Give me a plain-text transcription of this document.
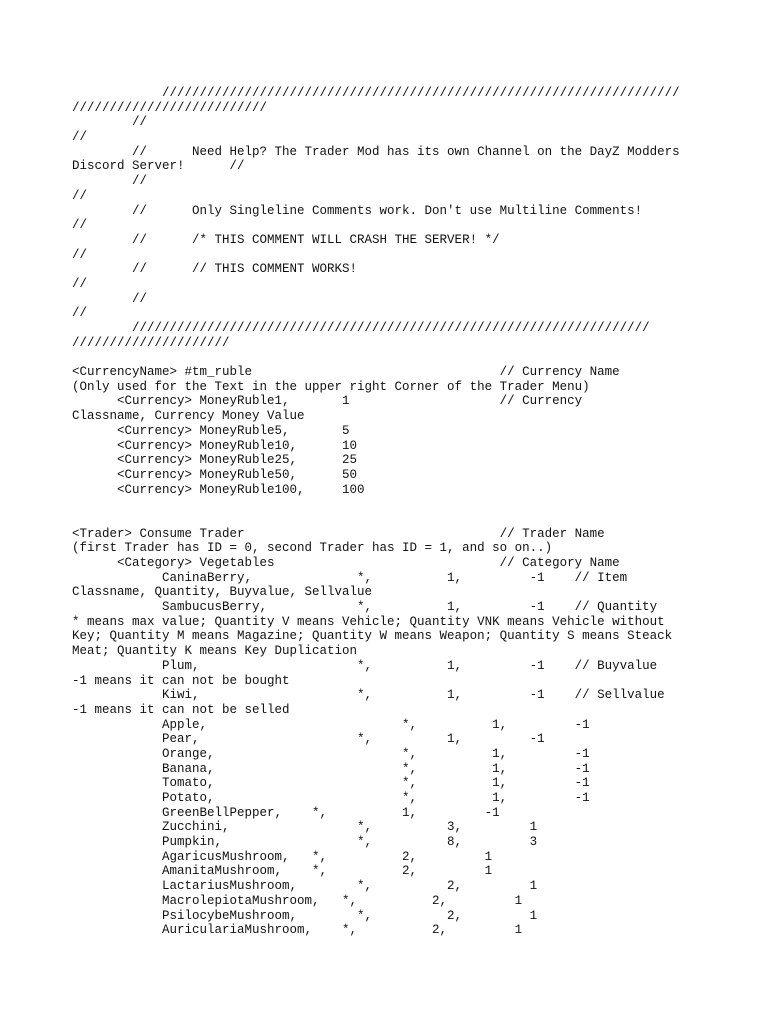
/////////////////////////////////////////////////////////////////////
//////////////////////////
//
//
//      Need Help? The Trader Mod has its own Channel on the DayZ Modders
Discord Server!      //
//
//
//      Only Singleline Comments work. Don't use Multiline Comments!
//
//      /* THIS COMMENT WILL CRASH THE SERVER! */
//
//      // THIS COMMENT WORKS!
//
//
//
/////////////////////////////////////////////////////////////////////
/////////////////////
<CurrencyName> #tm_ruble                                 // Currency Name
(Only used for the Text in the upper right Corner of the Trader Menu)
<Currency> MoneyRuble1,       1                    // Currency
Classname, Currency Money Value
<Currency> MoneyRuble5,       5
<Currency> MoneyRuble10,      10
<Currency> MoneyRuble25,      25
<Currency> MoneyRuble50,      50
<Currency> MoneyRuble100,     100
<Trader> Consume Trader                                  // Trader Name
(first Trader has ID = 0, second Trader has ID = 1, and so on..)
<Category> Vegetables                              // Category Name
CaninaBerry,              *,          1,         -1    // Item
Classname, Quantity, Buyvalue, Sellvalue
SambucusBerry,            *,          1,         -1    // Quantity
* means max value; Quantity V means Vehicle; Quantity VNK means Vehicle without
Key; Quantity M means Magazine; Quantity W means Weapon; Quantity S means Steack
Meat; Quantity K means Key Duplication
Plum,                     *,          1,         -1    // Buyvalue
-1 means it can not be bought
Kiwi,                     *,          1,         -1    // Sellvalue
-1 means it can not be selled
Apple,                          *,          1,         -1
Pear,                     *,          1,         -1
Orange,                         *,          1,         -1
Banana,                         *,          1,         -1
Tomato,                         *,          1,         -1
Potato,                         *,          1,         -1
GreenBellPepper,    *,          1,         -1
Zucchini,                 *,          3,         1
Pumpkin,                  *,          8,         3
AgaricusMushroom,   *,          2,         1
AmanitaMushroom,    *,          2,         1
LactariusMushroom,        *,          2,         1
MacrolepiotaMushroom,   *,          2,         1
PsilocybeMushroom,        *,          2,         1
AuriculariaMushroom,    *,          2,         1
